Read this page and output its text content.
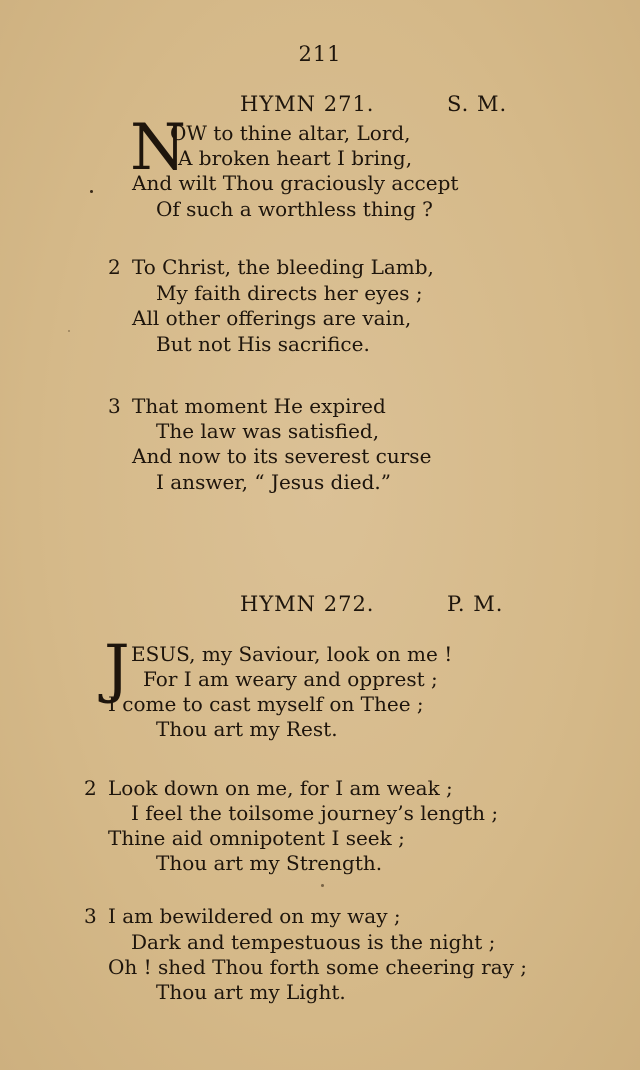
211
HYMN 271.	S. M.
N
OW to thine altar, Lord,
A broken heart I bring,
And wilt Thou graciously accept
Of such a worthless thing ?
2 To Christ, the bleeding Lamb,
My faith directs her eyes ;
All other offerings are vain,
But not His sacrifice.
3 That moment He expired
The law was satisfied,
And now to its severest curse
I answer, “ Jesus died.”
HYMN 272.	P. M.
J ESUS, my Saviour, look on me !
For I am weary and opprest ;
I come to cast myself on Thee ;
Thou art my Rest.
2 Look down on me, for I am weak ;
I feel the toilsome journey’s length ;
Thine aid omnipotent I seek ;
Thou art my Strength.
3 I am bewildered on my way ;
Dark and tempestuous is the night ;
Oh ! shed Thou forth some cheering ray ;
Thou art my Light.
